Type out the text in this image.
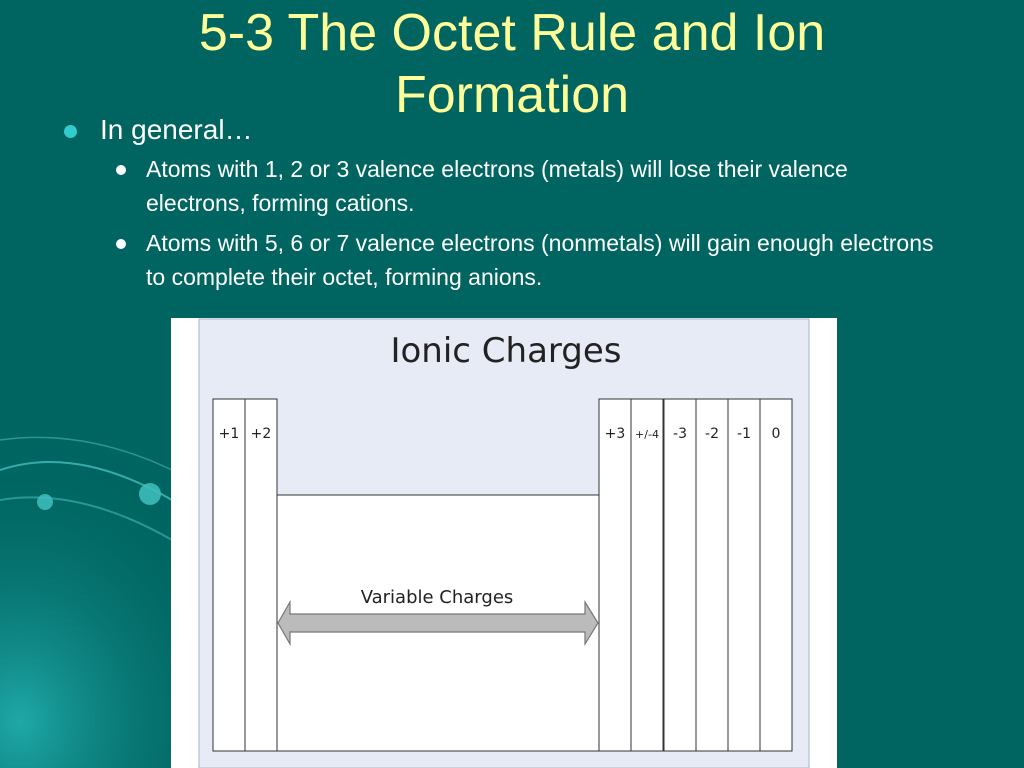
5-3 The Octet Rule and Ion
Formation
In general…
Atoms with 1, 2 or 3 valence electrons (metals) will lose their valence electrons, forming cations.
Atoms with 5, 6 or 7 valence electrons (nonmetals) will gain enough electrons to complete their octet, forming anions.
Ionic Charges
+1 +2	+3 +/-4 -3 -2 -1 0
Variable Charges
